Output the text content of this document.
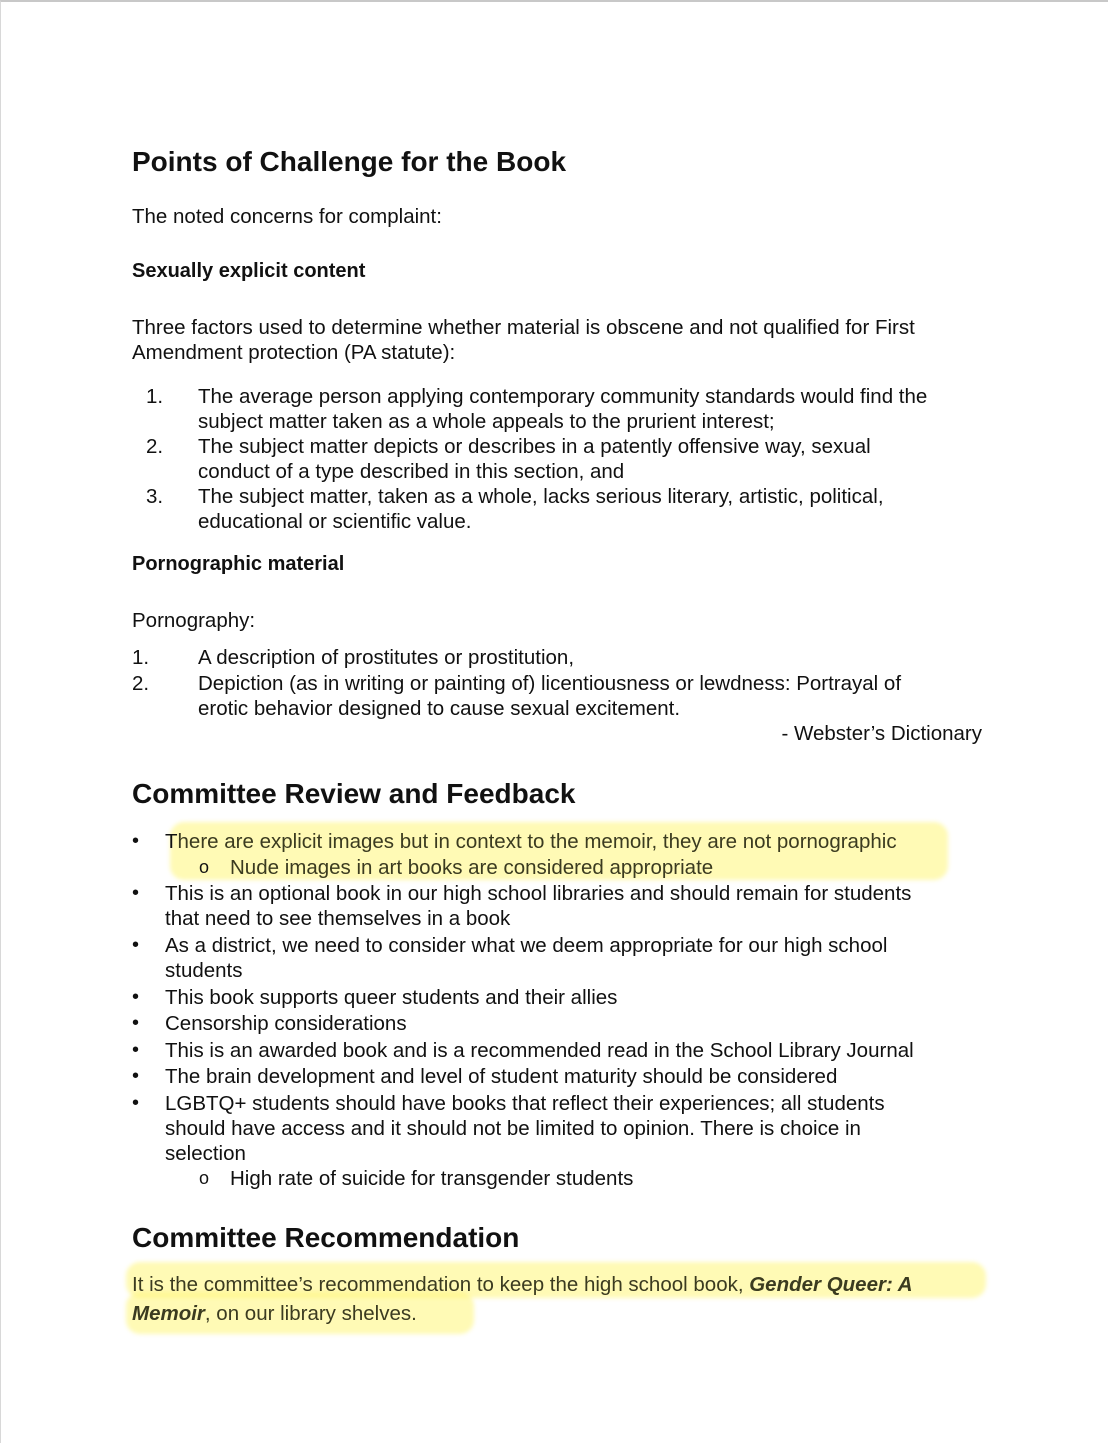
Points of Challenge for the Book
The noted concerns for complaint:
Sexually explicit content
Three factors used to determine whether material is obscene and not qualified for First
Amendment protection (PA statute):
1. The average person applying contemporary community standards would find the
subject matter taken as a whole appeals to the prurient interest;
2. The subject matter depicts or describes in a patently offensive way, sexual
conduct of a type described in this section, and
3. The subject matter, taken as a whole, lacks serious literary, artistic, political,
educational or scientific value.
Pornographic material
Pornography:
1. A description of prostitutes or prostitution,
2. Depiction (as in writing or painting of) licentiousness or lewdness: Portrayal of
erotic behavior designed to cause sexual excitement.
- Webster’s Dictionary
Committee Review and Feedback
• There are explicit images but in context to the memoir, they are not pornographic
o Nude images in art books are considered appropriate
• This is an optional book in our high school libraries and should remain for students
that need to see themselves in a book
• As a district, we need to consider what we deem appropriate for our high school
students
• This book supports queer students and their allies
• Censorship considerations
• This is an awarded book and is a recommended read in the School Library Journal
• The brain development and level of student maturity should be considered
• LGBTQ+ students should have books that reflect their experiences; all students
should have access and it should not be limited to opinion. There is choice in
selection
o High rate of suicide for transgender students
Committee Recommendation
It is the committee’s recommendation to keep the high school book, Gender Queer: A
Memoir, on our library shelves.
